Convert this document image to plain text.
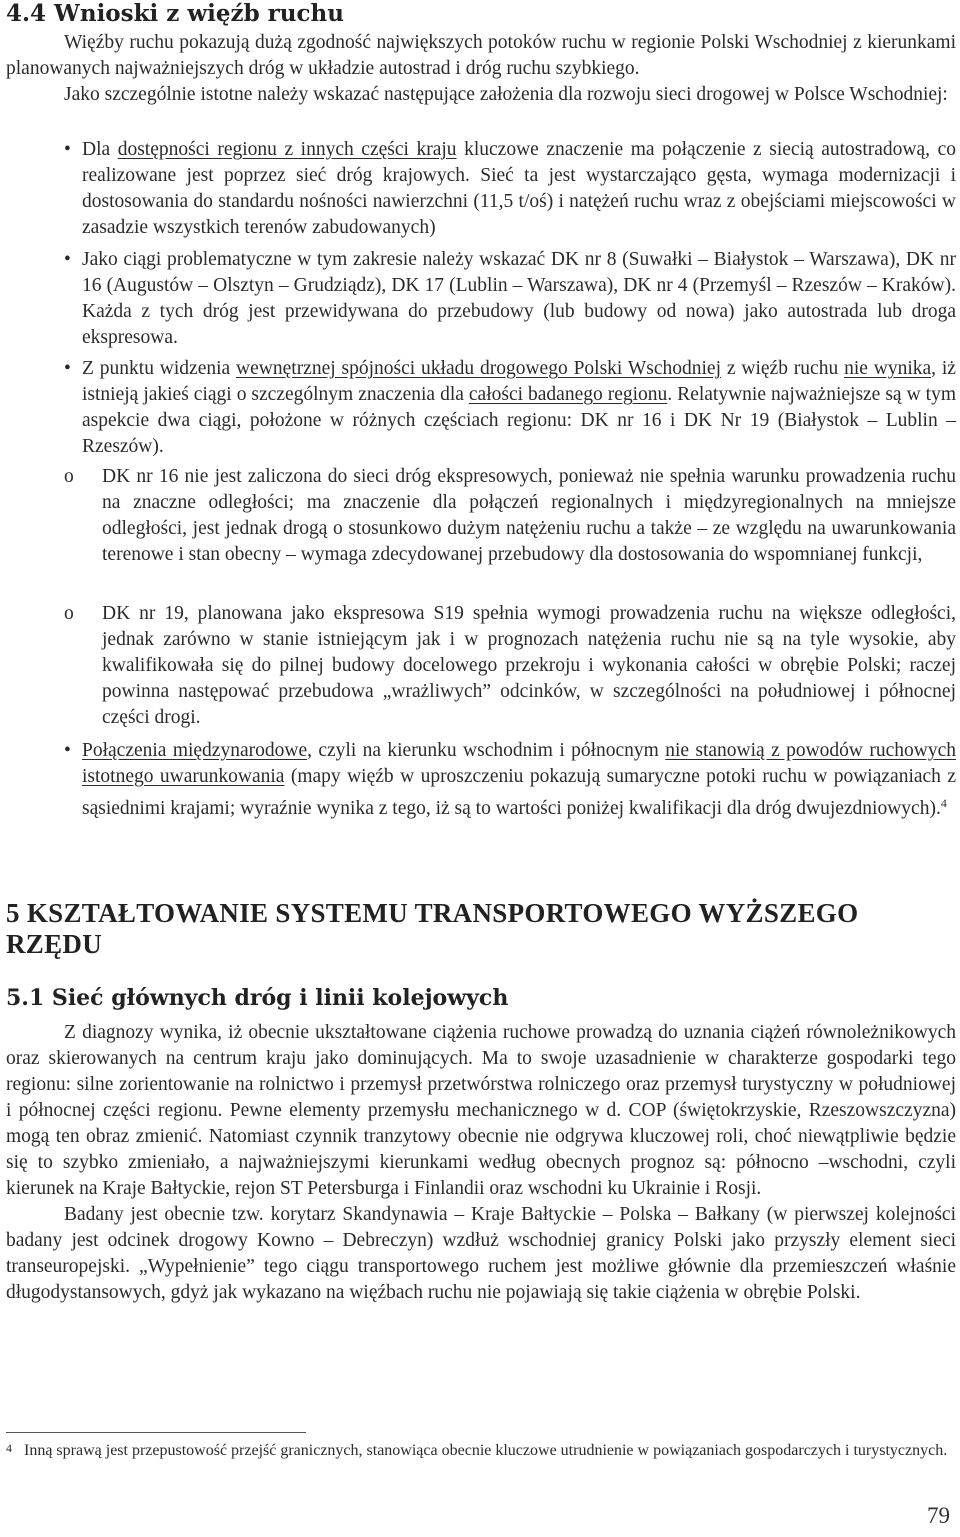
4.4 Wnioski z więźb ruchu

Więźby ruchu pokazują dużą zgodność największych potoków ruchu w regionie Polski Wschodniej z kierunkami planowanych najważniejszych dróg w układzie autostrad i dróg ruchu szybkiego.

Jako szczególnie istotne należy wskazać następujące założenia dla rozwoju sieci drogowej w Polsce Wschodniej:

• Dla dostępności regionu z innych części kraju kluczowe znaczenie ma połączenie z siecią autostradową, co realizowane jest poprzez sieć dróg krajowych. Sieć ta jest wystarczająco gęsta, wymaga modernizacji i dostosowania do standardu nośności nawierzchni (11,5 t/oś) i natężeń ruchu wraz z obejściami miejscowości w zasadzie wszystkich terenów zabudowanych)

• Jako ciągi problematyczne w tym zakresie należy wskazać DK nr 8 (Suwałki – Białystok – Warszawa), DK nr 16 (Augustów – Olsztyn – Grudziądz), DK 17 (Lublin – Warszawa), DK nr 4 (Przemyśl – Rzeszów – Kraków). Każda z tych dróg jest przewidywana do przebudowy (lub budowy od nowa) jako autostrada lub droga ekspresowa.

• Z punktu widzenia wewnętrznej spójności układu drogowego Polski Wschodniej z więźb ruchu nie wynika, iż istnieją jakieś ciągi o szczególnym znaczenia dla całości badanego regionu. Relatywnie najważniejsze są w tym aspekcie dwa ciągi, położone w różnych częściach regionu: DK nr 16 i DK Nr 19 (Białystok – Lublin – Rzeszów).

o	DK nr 16 nie jest zaliczona do sieci dróg ekspresowych, ponieważ nie spełnia warunku prowadzenia ruchu na znaczne odległości; ma znaczenie dla połączeń regionalnych i międzyregionalnych na mniejsze odległości, jest jednak drogą o stosunkowo dużym natężeniu ruchu a także – ze względu na uwarunkowania terenowe i stan obecny – wymaga zdecydowanej przebudowy dla dostosowania do wspomnianej funkcji,

o	DK nr 19, planowana jako ekspresowa S19 spełnia wymogi prowadzenia ruchu na większe odległości, jednak zarówno w stanie istniejącym jak i w prognozach natężenia ruchu nie są na tyle wysokie, aby kwalifikowała się do pilnej budowy docelowego przekroju i wykonania całości w obrębie Polski; raczej powinna następować przebudowa „wrażliwych” odcinków, w szczególności na południowej i północnej części drogi.

• Połączenia międzynarodowe, czyli na kierunku wschodnim i północnym nie stanowią z powodów ruchowych istotnego uwarunkowania (mapy więźb w uproszczeniu pokazują sumaryczne potoki ruchu w powiązaniach z sąsiednimi krajami; wyraźnie wynika z tego, iż są to wartości poniżej kwalifikacji dla dróg dwujezdniowych).$^4$

5 KSZTAŁTOWANIE SYSTEMU TRANSPORTOWEGO WYŻSZEGO RZĘDU
5.1 Sieć głównych dróg i linii kolejowych

Z diagnozy wynika, iż obecnie ukształtowane ciążenia ruchowe prowadzą do uznania ciążeń równoleżnikowych oraz skierowanych na centrum kraju jako dominujących. Ma to swoje uzasadnienie w charakterze gospodarki tego regionu: silne zorientowanie na rolnictwo i przemysł przetwórstwa rolniczego oraz przemysł turystyczny w południowej i północnej części regionu. Pewne elementy przemysłu mechanicznego w d. COP (świętokrzyskie, Rzeszowszczyzna) mogą ten obraz zmienić. Natomiast czynnik tranzytowy obecnie nie odgrywa kluczowej roli, choć niewątpliwie będzie się to szybko zmieniało, a najważniejszymi kierunkami według obecnych prognoz są: północno –wschodni, czyli kierunek na Kraje Bałtyckie, rejon ST Petersburga i Finlandii oraz wschodni ku Ukrainie i Rosji.

Badany jest obecnie tzw. korytarz Skandynawia – Kraje Bałtyckie – Polska – Bałkany (w pierwszej kolejności badany jest odcinek drogowy Kowno – Debreczyn) wzdłuż wschodniej granicy Polski jako przyszły element sieci transeuropejski. „Wypełnienie” tego ciągu transportowego ruchem jest możliwe głównie dla przemieszczeń właśnie długodystansowych, gdyż jak wykazano na więźbach ruchu nie pojawiają się takie ciążenia w obrębie Polski.

4 Inną sprawą jest przepustowość przejść granicznych, stanowiąca obecnie kluczowe utrudnienie w powiązaniach gospodarczych i turystycznych.

79
